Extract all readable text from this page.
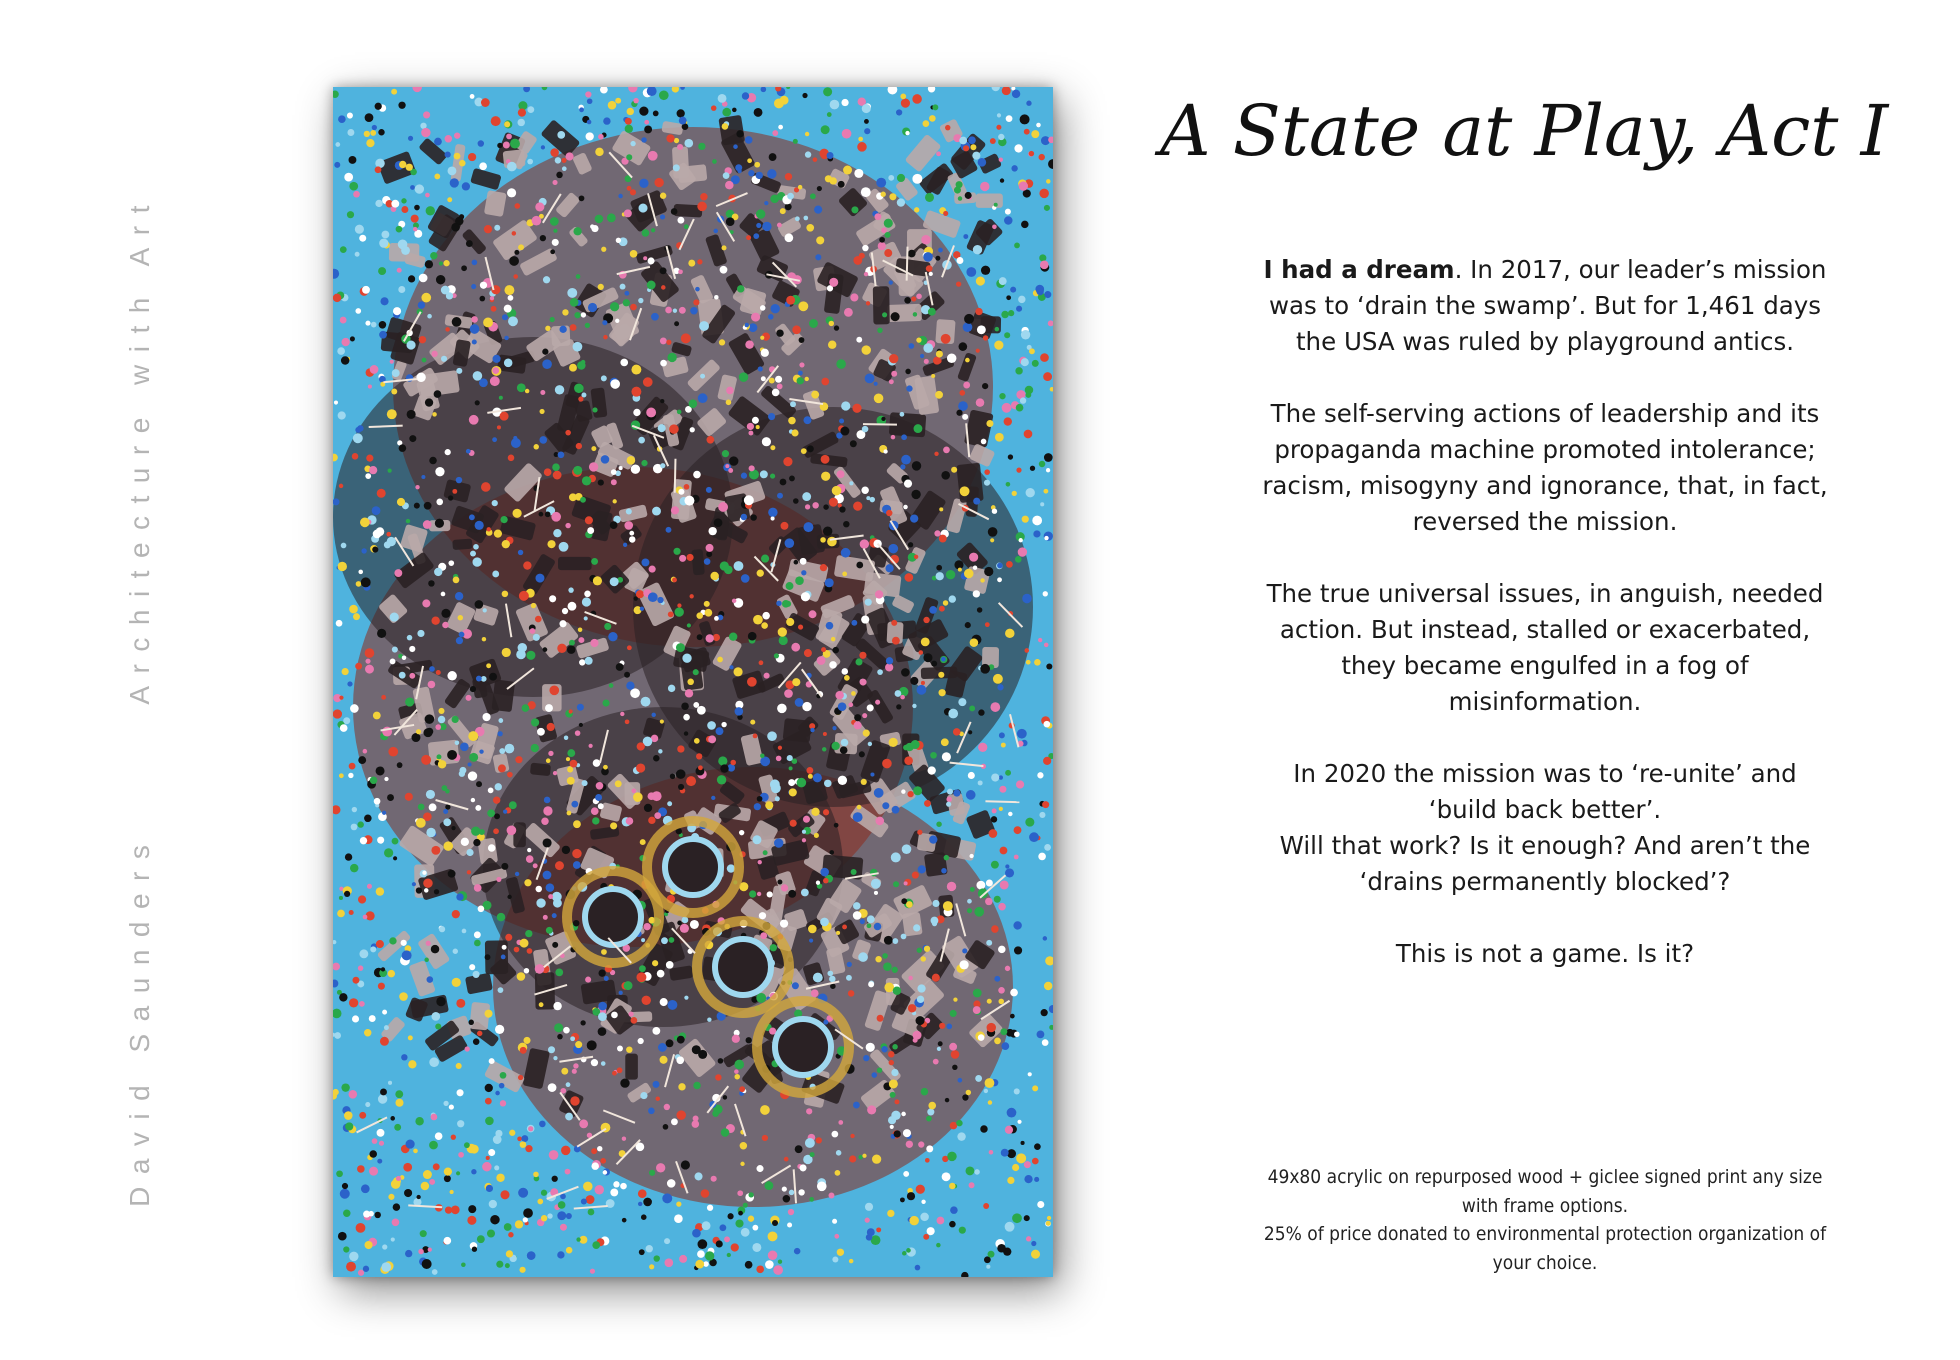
David SaundersArchitecture with Art
A State at Play, Act I

I had a dream. In 2017, our leader’s mission was to ‘drain the swamp’. But for 1,461 days the USA was ruled by playground antics.

The self-serving actions of leadership and its propaganda machine promoted intolerance; racism, misogyny and ignorance, that, in fact, reversed the mission.

The true universal issues, in anguish, needed action. But instead, stalled or exacerbated, they became engulfed in a fog of misinformation.

In 2020 the mission was to ‘re-unite’ and ‘build back better’.
Will that work? Is it enough? And aren’t the ‘drains permanently blocked’?

This is not a game. Is it?

49x80 acrylic on repurposed wood + giclee signed print any size with frame options.
25% of price donated to environmental protection organization of your choice.
